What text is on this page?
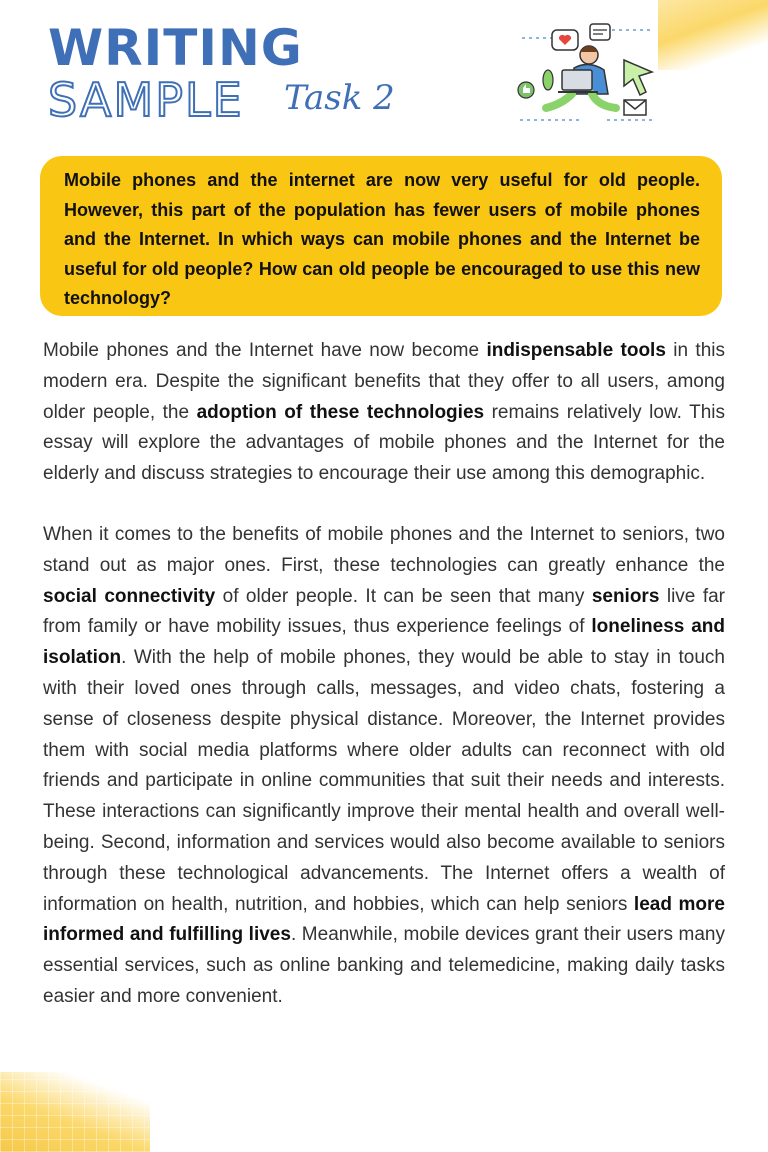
WRITING
SAMPLE Task 2

Mobile phones and the internet are now very useful for old people. However, this part of the population has fewer users of mobile phones and the Internet. In which ways can mobile phones and the Internet be useful for old people? How can old people be encouraged to use this new technology?

Mobile phones and the Internet have now become indispensable tools in this modern era. Despite the significant benefits that they offer to all users, among older people, the adoption of these technologies remains relatively low. This essay will explore the advantages of mobile phones and the Internet for the elderly and discuss strategies to encourage their use among this demographic.

When it comes to the benefits of mobile phones and the Internet to seniors, two stand out as major ones. First, these technologies can greatly enhance the social connectivity of older people. It can be seen that many seniors live far from family or have mobility issues, thus experience feelings of loneliness and isolation. With the help of mobile phones, they would be able to stay in touch with their loved ones through calls, messages, and video chats, fostering a sense of closeness despite physical distance. Moreover, the Internet provides them with social media platforms where older adults can reconnect with old friends and participate in online communities that suit their needs and interests. These interactions can significantly improve their mental health and overall well-being. Second, information and services would also become available to seniors through these technological advancements. The Internet offers a wealth of information on health, nutrition, and hobbies, which can help seniors lead more informed and fulfilling lives. Meanwhile, mobile devices grant their users many essential services, such as online banking and telemedicine, making daily tasks easier and more convenient.
